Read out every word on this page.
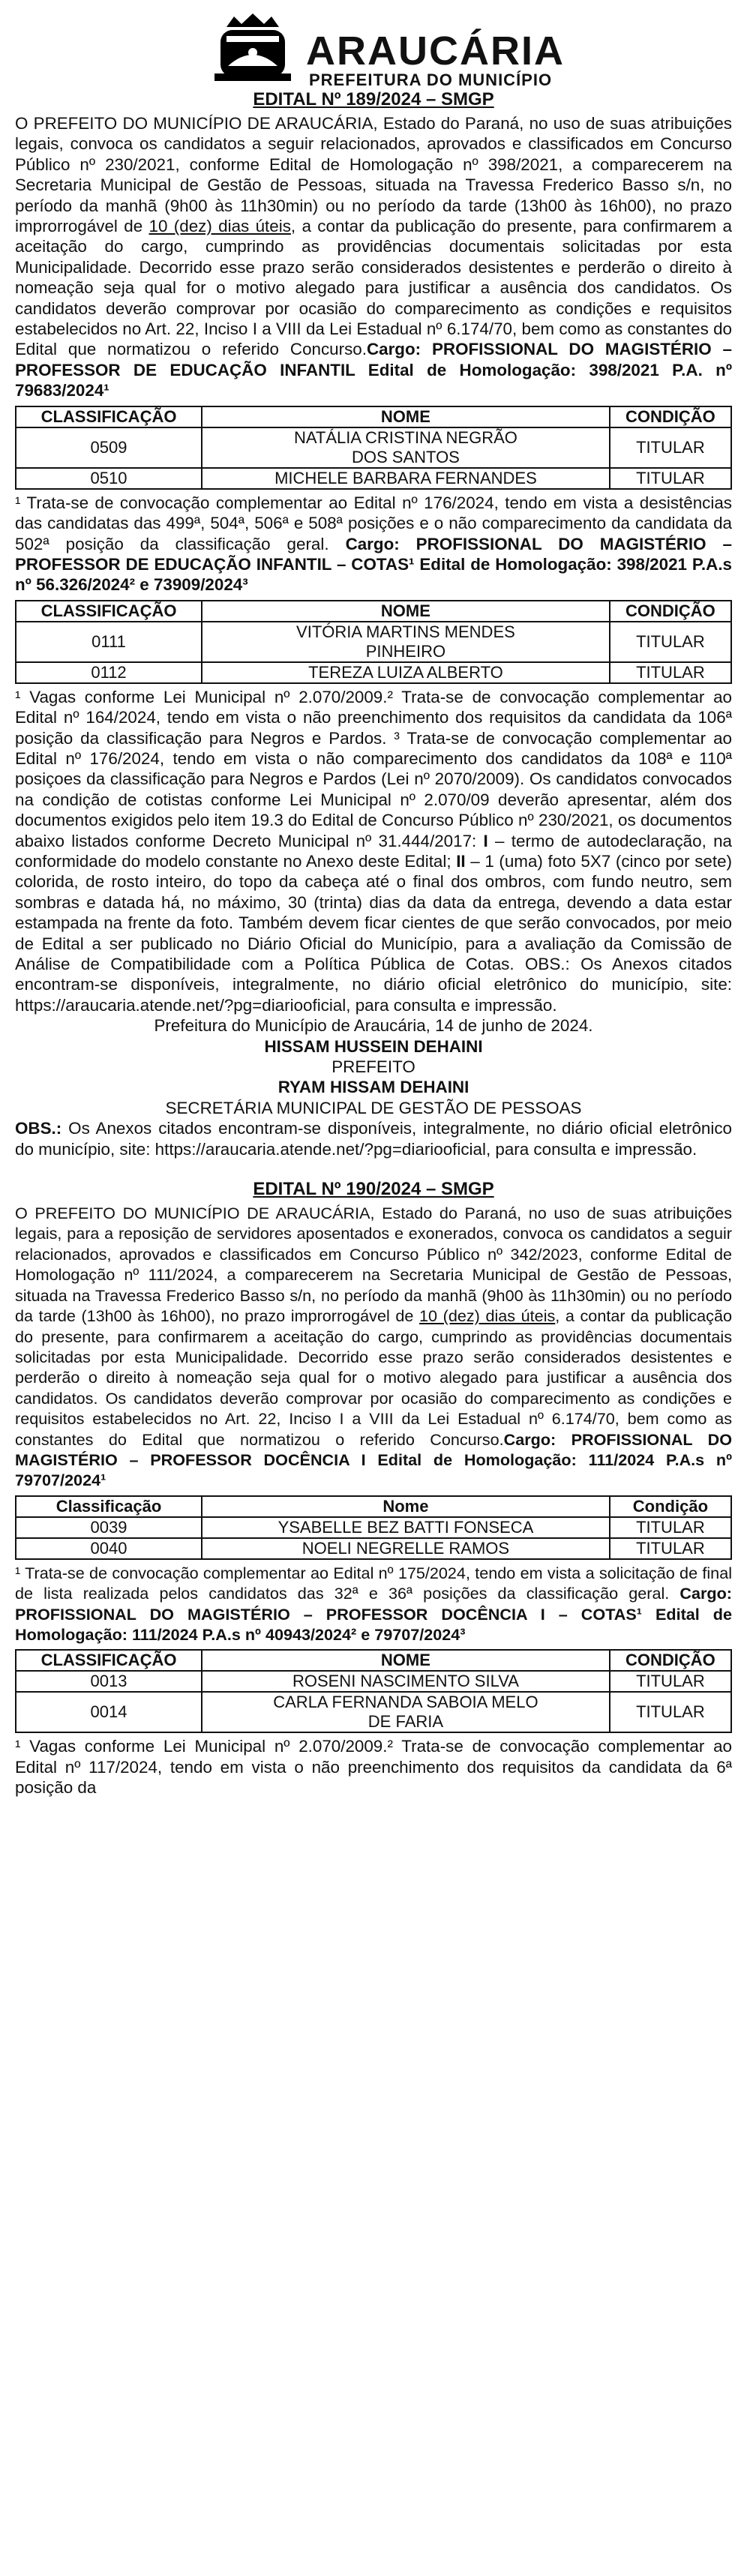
ARAUCÁRIA
PREFEITURA DO MUNICÍPIO
EDITAL Nº 189/2024 – SMGP

O PREFEITO DO MUNICÍPIO DE ARAUCÁRIA, Estado do Paraná, no uso de suas atribuições legais, convoca os candidatos a seguir relacionados, aprovados e classificados em Concurso Público nº 230/2021, conforme Edital de Homologação nº 398/2021, a comparecerem na Secretaria Municipal de Gestão de Pessoas, situada na Travessa Frederico Basso s/n, no período da manhã (9h00 às 11h30min) ou no período da tarde (13h00 às 16h00), no prazo improrrogável de 10 (dez) dias úteis, a contar da publicação do presente, para confirmarem a aceitação do cargo, cumprindo as providências documentais solicitadas por esta Municipalidade. Decorrido esse prazo serão considerados desistentes e perderão o direito à nomeação seja qual for o motivo alegado para justificar a ausência dos candidatos. Os candidatos deverão comprovar por ocasião do comparecimento as condições e requisitos estabelecidos no Art. 22, Inciso I a VIII da Lei Estadual nº 6.174/70, bem como as constantes do Edital que normatizou o referido Concurso.Cargo: PROFISSIONAL DO MAGISTÉRIO – PROFESSOR DE EDUCAÇÃO INFANTIL Edital de Homologação: 398/2021 P.A. nº 79683/2024¹

CLASSIFICAÇÃO	NOME	CONDIÇÃO
0509	NATÁLIA CRISTINA NEGRÃO DOS SANTOS	TITULAR
0510	MICHELE BARBARA FERNANDES	TITULAR

¹ Trata-se de convocação complementar ao Edital nº 176/2024, tendo em vista a desistências das candidatas das 499ª, 504ª, 506ª e 508ª posições e o não comparecimento da candidata da 502ª posição da classificação geral. Cargo: PROFISSIONAL DO MAGISTÉRIO – PROFESSOR DE EDUCAÇÃO INFANTIL – COTAS¹ Edital de Homologação: 398/2021 P.A.s nº 56.326/2024² e 73909/2024³

CLASSIFICAÇÃO	NOME	CONDIÇÃO
0111	VITÓRIA MARTINS MENDES PINHEIRO	TITULAR
0112	TEREZA LUIZA ALBERTO	TITULAR

¹ Vagas conforme Lei Municipal nº 2.070/2009.² Trata-se de convocação complementar ao Edital nº 164/2024, tendo em vista o não preenchimento dos requisitos da candidata da 106ª posição da classificação para Negros e Pardos. ³ Trata-se de convocação complementar ao Edital nº 176/2024, tendo em vista o não comparecimento dos candidatos da 108ª e 110ª posiçoes da classificação para Negros e Pardos (Lei nº 2070/2009). Os candidatos convocados na condição de cotistas conforme Lei Municipal nº 2.070/09 deverão apresentar, além dos documentos exigidos pelo item 19.3 do Edital de Concurso Público nº 230/2021, os documentos abaixo listados conforme Decreto Municipal nº 31.444/2017: I – termo de autodeclaração, na conformidade do modelo constante no Anexo deste Edital; II – 1 (uma) foto 5X7 (cinco por sete) colorida, de rosto inteiro, do topo da cabeça até o final dos ombros, com fundo neutro, sem sombras e datada há, no máximo, 30 (trinta) dias da data da entrega, devendo a data estar estampada na frente da foto. Também devem ficar cientes de que serão convocados, por meio de Edital a ser publicado no Diário Oficial do Município, para a avaliação da Comissão de Análise de Compatibilidade com a Política Pública de Cotas. OBS.: Os Anexos citados encontram-se disponíveis, integralmente, no diário oficial eletrônico do município, site: https://araucaria.atende.net/?pg=diariooficial, para consulta e impressão.

Prefeitura do Município de Araucária, 14 de junho de 2024.

HISSAM HUSSEIN DEHAINI

PREFEITO

RYAM HISSAM DEHAINI

SECRETÁRIA MUNICIPAL DE GESTÃO DE PESSOAS

OBS.: Os Anexos citados encontram-se disponíveis, integralmente, no diário oficial eletrônico do município, site: https://araucaria.atende.net/?pg=diariooficial, para consulta e impressão.

EDITAL Nº 190/2024 – SMGP

O PREFEITO DO MUNICÍPIO DE ARAUCÁRIA, Estado do Paraná, no uso de suas atribuições legais, para a reposição de servidores aposentados e exonerados, convoca os candidatos a seguir relacionados, aprovados e classificados em Concurso Público nº 342/2023, conforme Edital de Homologação nº 111/2024, a comparecerem na Secretaria Municipal de Gestão de Pessoas, situada na Travessa Frederico Basso s/n, no período da manhã (9h00 às 11h30min) ou no período da tarde (13h00 às 16h00), no prazo improrrogável de 10 (dez) dias úteis, a contar da publicação do presente, para confirmarem a aceitação do cargo, cumprindo as providências documentais solicitadas por esta Municipalidade. Decorrido esse prazo serão considerados desistentes e perderão o direito à nomeação seja qual for o motivo alegado para justificar a ausência dos candidatos. Os candidatos deverão comprovar por ocasião do comparecimento as condições e requisitos estabelecidos no Art. 22, Inciso I a VIII da Lei Estadual nº 6.174/70, bem como as constantes do Edital que normatizou o referido Concurso.Cargo: PROFISSIONAL DO MAGISTÉRIO – PROFESSOR DOCÊNCIA I Edital de Homologação: 111/2024 P.A.s nº 79707/2024¹

Classificação	Nome	Condição
0039	YSABELLE BEZ BATTI FONSECA	TITULAR
0040	NOELI NEGRELLE RAMOS	TITULAR

¹ Trata-se de convocação complementar ao Edital nº 175/2024, tendo em vista a solicitação de final de lista realizada pelos candidatos das 32ª e 36ª posições da classificação geral. Cargo: PROFISSIONAL DO MAGISTÉRIO – PROFESSOR DOCÊNCIA I – COTAS¹ Edital de Homologação: 111/2024 P.A.s nº 40943/2024² e 79707/2024³

CLASSIFICAÇÃO	NOME	CONDIÇÃO
0013	ROSENI NASCIMENTO SILVA	TITULAR
0014	CARLA FERNANDA SABOIA MELO DE FARIA	TITULAR

¹ Vagas conforme Lei Municipal nº 2.070/2009.² Trata-se de convocação complementar ao Edital nº 117/2024, tendo em vista o não preenchimento dos requisitos da candidata da 6ª posição da
